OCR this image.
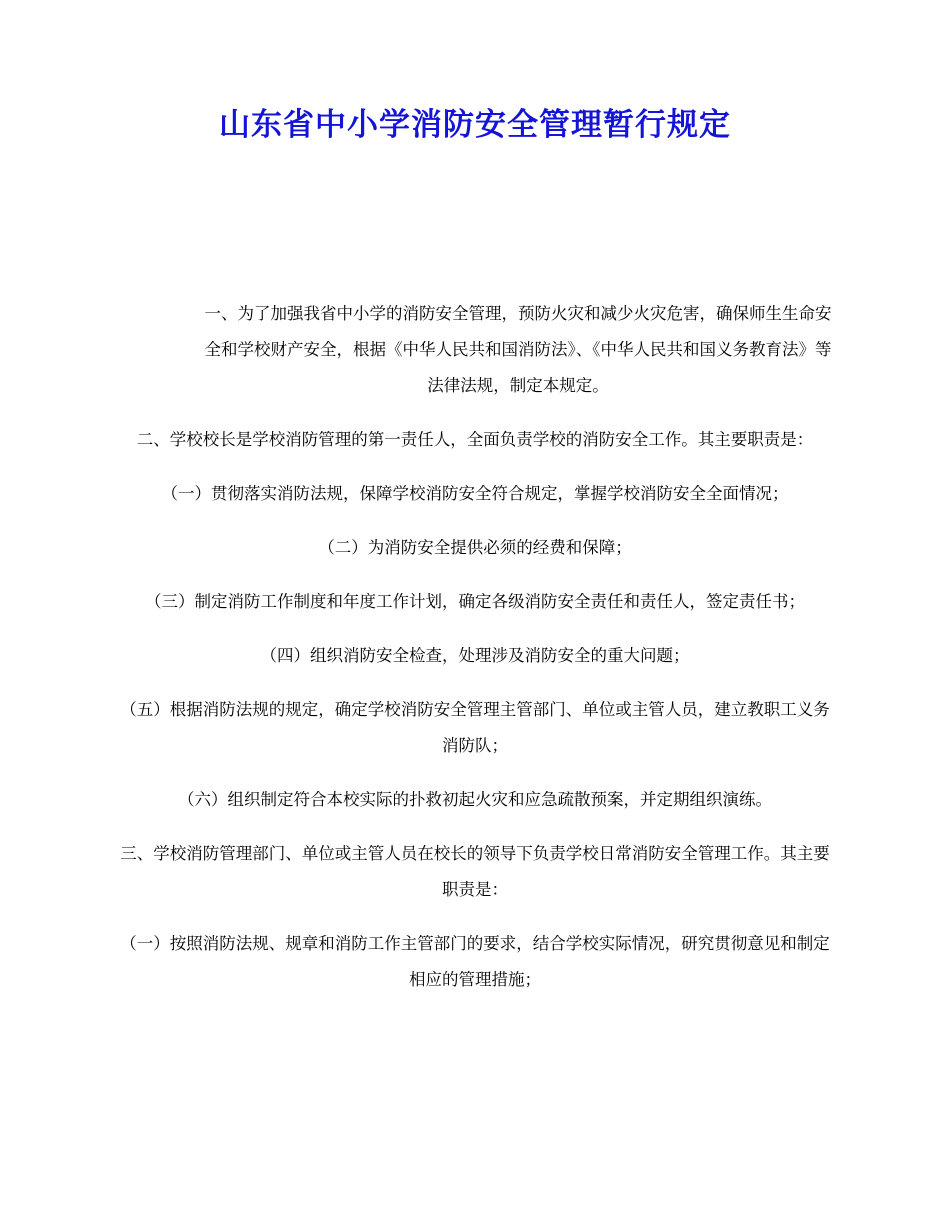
山东省中小学消防安全管理暂行规定

一、为了加强我省中小学的消防安全管理，预防火灾和减少火灾危害，确保师生生命安全和学校财产安全，根据《中华人民共和国消防法》、《中华人民共和国义务教育法》等法律法规，制定本规定。

二、学校校长是学校消防管理的第一责任人，全面负责学校的消防安全工作。其主要职责是：

（一）贯彻落实消防法规，保障学校消防安全符合规定，掌握学校消防安全全面情况；

（二）为消防安全提供必须的经费和保障；

（三）制定消防工作制度和年度工作计划，确定各级消防安全责任和责任人，签定责任书；

（四）组织消防安全检查，处理涉及消防安全的重大问题；

（五）根据消防法规的规定，确定学校消防安全管理主管部门、单位或主管人员，建立教职工义务消防队；

（六）组织制定符合本校实际的扑救初起火灾和应急疏散预案，并定期组织演练。

三、学校消防管理部门、单位或主管人员在校长的领导下负责学校日常消防安全管理工作。其主要职责是：

（一）按照消防法规、规章和消防工作主管部门的要求，结合学校实际情况，研究贯彻意见和制定相应的管理措施；
